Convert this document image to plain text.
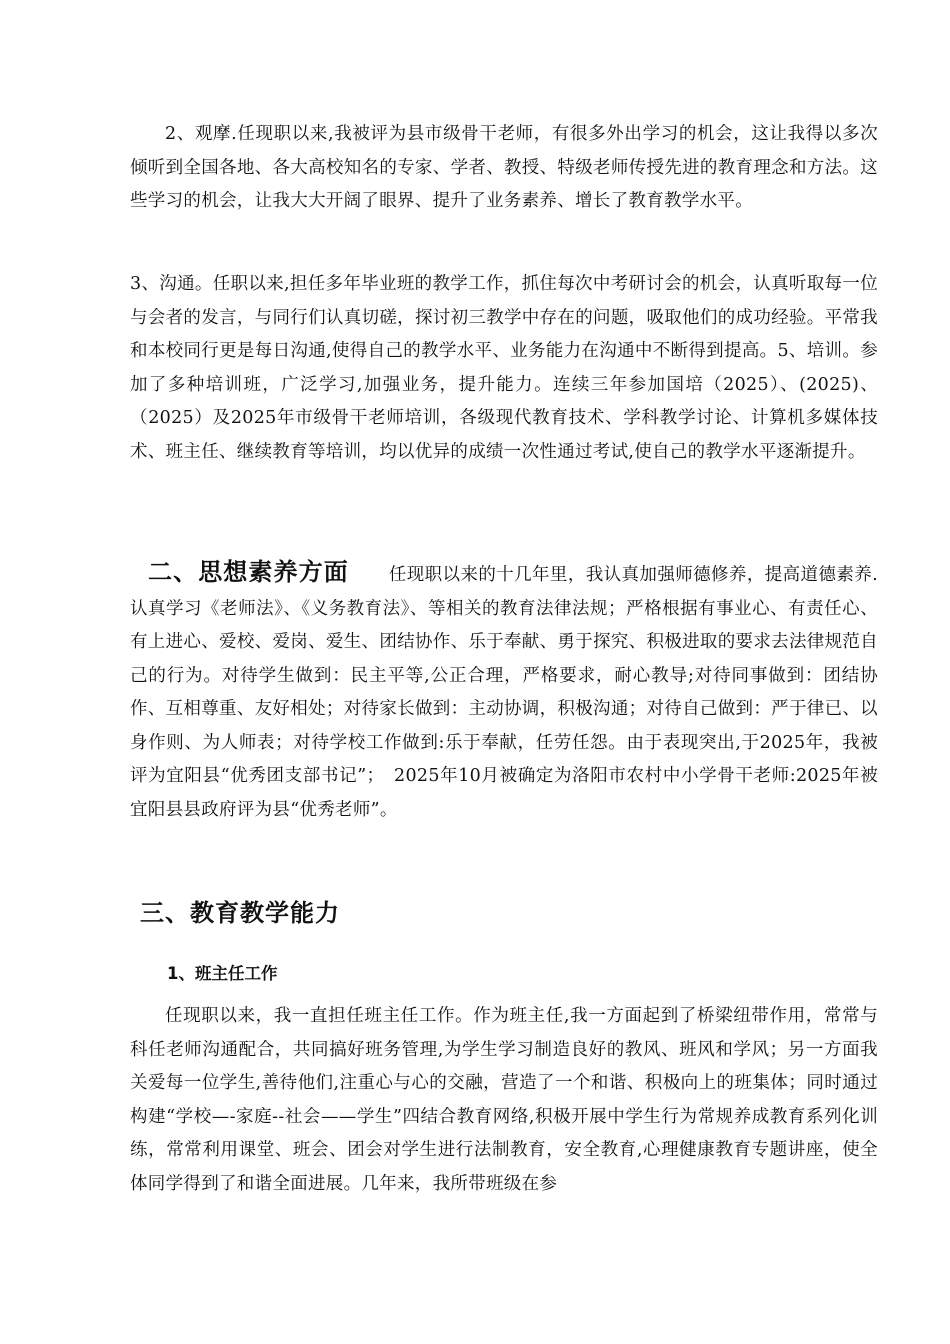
2、观摩.任现职以来,我被评为县市级骨干老师，有很多外出学习的机会，这让我得以多次倾听到全国各地、各大高校知名的专家、学者、教授、特级老师传授先进的教育理念和方法。这些学习的机会，让我大大开阔了眼界、提升了业务素养、增长了教育教学水平。

3、沟通。任职以来,担任多年毕业班的教学工作，抓住每次中考研讨会的机会，认真听取每一位与会者的发言，与同行们认真切磋，探讨初三教学中存在的问题，吸取他们的成功经验。平常我和本校同行更是每日沟通,使得自己的教学水平、业务能力在沟通中不断得到提高。5、培训。参加了多种培训班，广泛学习,加强业务，提升能力。连续三年参加国培（2025）、(2025)、（2025）及2025年市级骨干老师培训，各级现代教育技术、学科教学讨论、计算机多媒体技术、班主任、继续教育等培训，均以优异的成绩一次性通过考试,使自己的教学水平逐渐提升。

二、思想素养方面 任现职以来的十几年里，我认真加强师德修养，提高道德素养.认真学习《老师法》、《义务教育法》、等相关的教育法律法规；严格根据有事业心、有责任心、有上进心、爱校、爱岗、爱生、团结协作、乐于奉献、勇于探究、积极进取的要求去法律规范自己的行为。对待学生做到：民主平等,公正合理，严格要求，耐心教导;对待同事做到：团结协作、互相尊重、友好相处；对待家长做到：主动协调，积极沟通；对待自己做到：严于律已、以身作则、为人师表；对待学校工作做到:乐于奉献，任劳任怨。由于表现突出,于2025年，我被评为宜阳县“优秀团支部书记”；　2025年10月被确定为洛阳市农村中小学骨干老师:2025年被宜阳县县政府评为县“优秀老师”。

三、教育教学能力
1、班主任工作

任现职以来，我一直担任班主任工作。作为班主任,我一方面起到了桥梁纽带作用，常常与科任老师沟通配合，共同搞好班务管理,为学生学习制造良好的教风、班风和学风；另一方面我关爱每一位学生,善待他们,注重心与心的交融，营造了一个和谐、积极向上的班集体；同时通过构建“学校—-家庭--社会——学生”四结合教育网络,积极开展中学生行为常规养成教育系列化训练，常常利用课堂、班会、团会对学生进行法制教育，安全教育,心理健康教育专题讲座，使全体同学得到了和谐全面进展。几年来，我所带班级在参
